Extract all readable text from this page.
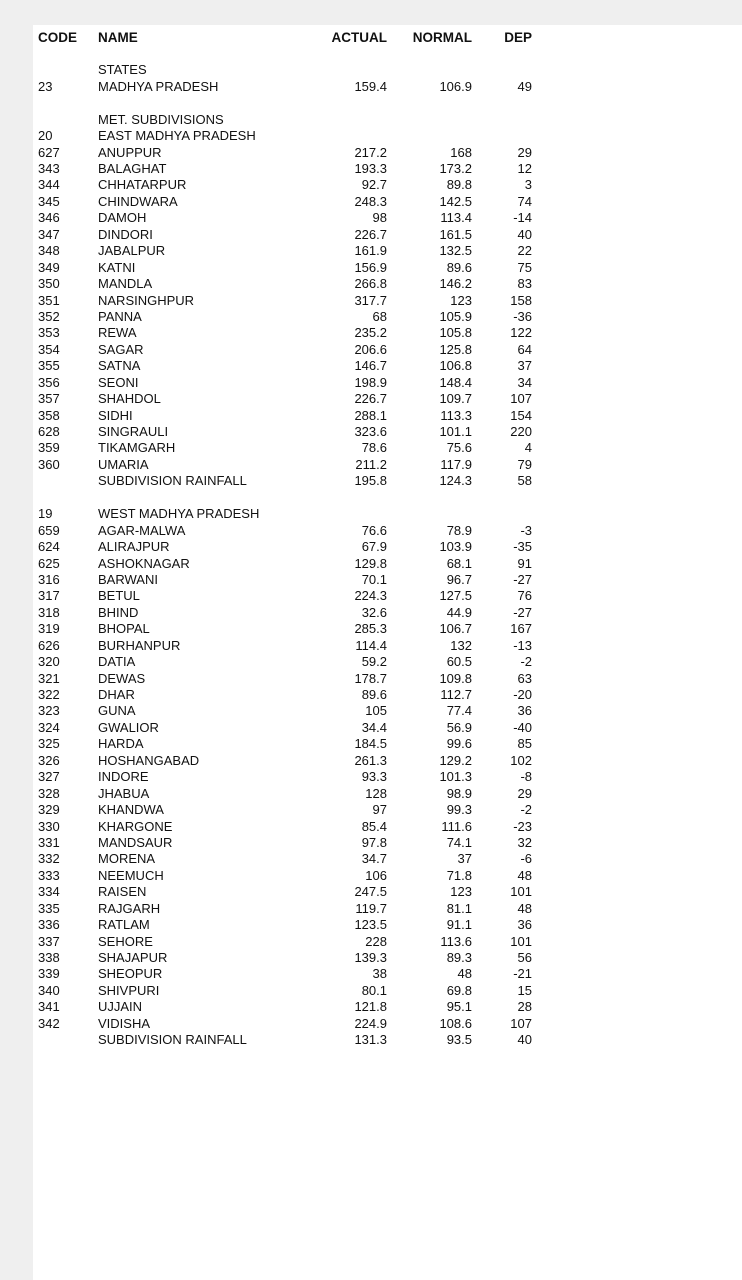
CODE	NAME	ACTUAL	NORMAL	DEP
STATES
23	MADHYA PRADESH	159.4	106.9	49
MET. SUBDIVISIONS
20	EAST MADHYA PRADESH
627	ANUPPUR	217.2	168	29
343	BALAGHAT	193.3	173.2	12
344	CHHATARPUR	92.7	89.8	3
345	CHINDWARA	248.3	142.5	74
346	DAMOH	98	113.4	-14
347	DINDORI	226.7	161.5	40
348	JABALPUR	161.9	132.5	22
349	KATNI	156.9	89.6	75
350	MANDLA	266.8	146.2	83
351	NARSINGHPUR	317.7	123	158
352	PANNA	68	105.9	-36
353	REWA	235.2	105.8	122
354	SAGAR	206.6	125.8	64
355	SATNA	146.7	106.8	37
356	SEONI	198.9	148.4	34
357	SHAHDOL	226.7	109.7	107
358	SIDHI	288.1	113.3	154
628	SINGRAULI	323.6	101.1	220
359	TIKAMGARH	78.6	75.6	4
360	UMARIA	211.2	117.9	79
SUBDIVISION RAINFALL	195.8	124.3	58
19	WEST MADHYA PRADESH
659	AGAR-MALWA	76.6	78.9	-3
624	ALIRAJPUR	67.9	103.9	-35
625	ASHOKNAGAR	129.8	68.1	91
316	BARWANI	70.1	96.7	-27
317	BETUL	224.3	127.5	76
318	BHIND	32.6	44.9	-27
319	BHOPAL	285.3	106.7	167
626	BURHANPUR	114.4	132	-13
320	DATIA	59.2	60.5	-2
321	DEWAS	178.7	109.8	63
322	DHAR	89.6	112.7	-20
323	GUNA	105	77.4	36
324	GWALIOR	34.4	56.9	-40
325	HARDA	184.5	99.6	85
326	HOSHANGABAD	261.3	129.2	102
327	INDORE	93.3	101.3	-8
328	JHABUA	128	98.9	29
329	KHANDWA	97	99.3	-2
330	KHARGONE	85.4	111.6	-23
331	MANDSAUR	97.8	74.1	32
332	MORENA	34.7	37	-6
333	NEEMUCH	106	71.8	48
334	RAISEN	247.5	123	101
335	RAJGARH	119.7	81.1	48
336	RATLAM	123.5	91.1	36
337	SEHORE	228	113.6	101
338	SHAJAPUR	139.3	89.3	56
339	SHEOPUR	38	48	-21
340	SHIVPURI	80.1	69.8	15
341	UJJAIN	121.8	95.1	28
342	VIDISHA	224.9	108.6	107
SUBDIVISION RAINFALL	131.3	93.5	40
